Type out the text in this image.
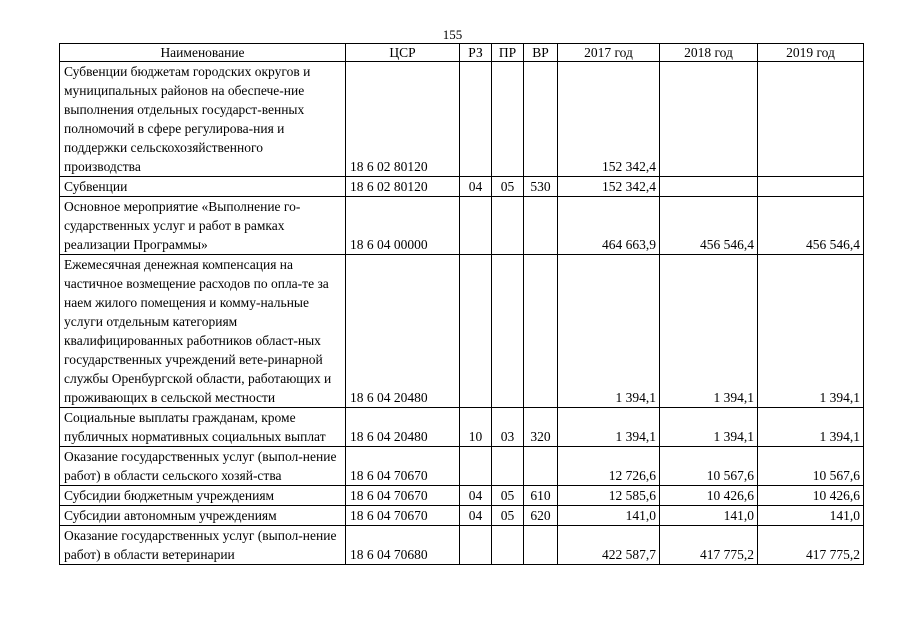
155
Наименование	ЦСР	РЗ	ПР	ВР	2017 год	2018 год	2019 год
Субвенции бюджетам городских округов и муниципальных районов на обеспече-ние выполнения отдельных государст-венных полномочий в сфере регулирова-ния и поддержки сельскохозяйственного производства	18 6 02 80120				152 342,4		
Субвенции	18 6 02 80120	04	05	530	152 342,4		
Основное мероприятие «Выполнение го-сударственных услуг и работ в рамках реализации Программы»	18 6 04 00000				464 663,9	456 546,4	456 546,4
Ежемесячная денежная компенсация на частичное возмещение расходов по опла-те за наем жилого помещения и комму-нальные услуги отдельным категориям квалифицированных работников област-ных государственных учреждений вете-ринарной службы Оренбургской области, работающих и проживающих в сельской местности	18 6 04 20480				1 394,1	1 394,1	1 394,1
Социальные выплаты гражданам, кроме публичных нормативных социальных выплат	18 6 04 20480	10	03	320	1 394,1	1 394,1	1 394,1
Оказание государственных услуг (выпол-нение работ) в области сельского хозяй-ства	18 6 04 70670				12 726,6	10 567,6	10 567,6
Субсидии бюджетным учреждениям	18 6 04 70670	04	05	610	12 585,6	10 426,6	10 426,6
Субсидии автономным учреждениям	18 6 04 70670	04	05	620	141,0	141,0	141,0
Оказание государственных услуг (выпол-нение работ) в области ветеринарии	18 6 04 70680				422 587,7	417 775,2	417 775,2
